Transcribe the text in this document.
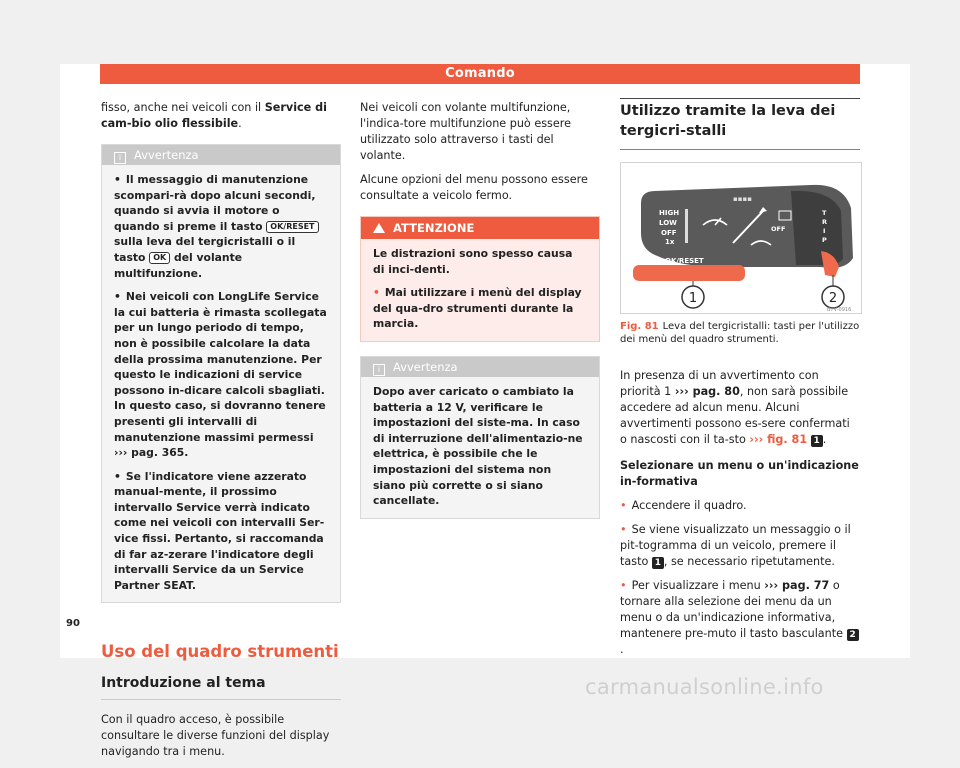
Comando

fisso, anche nei veicoli con il Service di cam-bio olio flessibile.

i Avvertenza

• Il messaggio di manutenzione scompari-rà dopo alcuni secondi, quando si avvia il motore o quando si preme il tasto OK/RESET sulla leva del tergicristalli o il tasto OK del volante multifunzione.

• Nei veicoli con LongLife Service la cui batteria è rimasta scollegata per un lungo periodo di tempo, non è possibile calcolare la data della prossima manutenzione. Per questo le indicazioni di service possono in-dicare calcoli sbagliati. In questo caso, si dovranno tenere presenti gli intervalli di manutenzione massimi permessi ››› pag. 365.

• Se l'indicatore viene azzerato manual-mente, il prossimo intervallo Service verrà indicato come nei veicoli con intervalli Ser-vice fissi. Pertanto, si raccomanda di far az-zerare l'indicatore degli intervalli Service da un Service Partner SEAT.

Uso del quadro strumenti
Introduzione al tema

Con il quadro acceso, è possibile consultare le diverse funzioni del display navigando tra i menu.

Nei veicoli con volante multifunzione, l'indica-tore multifunzione può essere utilizzato solo attraverso i tasti del volante.

Alcune opzioni del menu possono essere consultate a veicolo fermo.

ATTENZIONE

Le distrazioni sono spesso causa di inci-denti.

• Mai utilizzare i menù del display del qua-dro strumenti durante la marcia.

i Avvertenza

Dopo aver caricato o cambiato la batteria a 12 V, verificare le impostazioni del siste-ma. In caso di interruzione dell'alimentazio-ne elettrica, è possibile che le impostazioni del sistema non siano più corrette o si siano cancellate.

Utilizzo tramite la leva dei tergicri-stalli
▪▪▪▪
HIGH
LOW
OFF
1x
OFF
T
R
I
P
OK/RESET
1	2
B7V-0916
Fig. 81 Leva del tergicristalli: tasti per l'utilizzo dei menù del quadro strumenti.

In presenza di un avvertimento con priorità 1 ››› pag. 80, non sarà possibile accedere ad alcun menu. Alcuni avvertimenti possono es-sere confermati o nascosti con il ta-sto ››› fig. 81 1 .

Selezionare un menu o un'indicazione in-formativa

• Accendere il quadro.

• Se viene visualizzato un messaggio o il pit-togramma di un veicolo, premere il tasto 1 , se necessario ripetutamente.

• Per visualizzare i menu ››› pag. 77 o tornare alla selezione dei menu da un menu o da un'indicazione informativa, mantenere pre-muto il tasto basculante 2.

90
carmanualsonline.info
